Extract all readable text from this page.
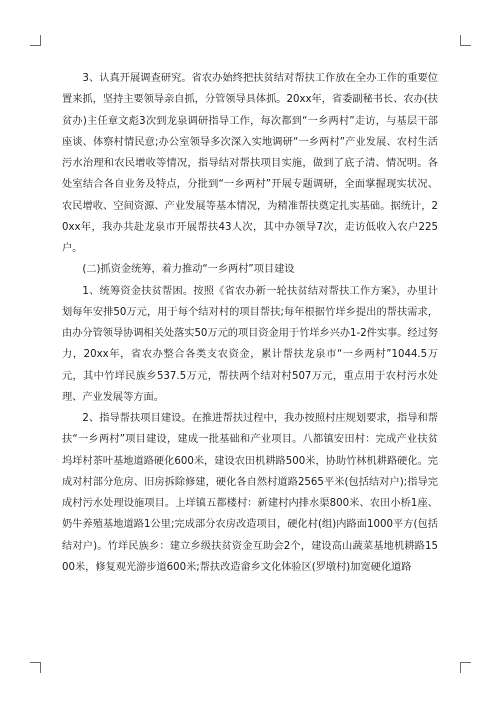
3、认真开展调查研究。省农办始终把扶贫结对帮扶工作放在全办工作的重要位置来抓，坚持主要领导亲自抓，分管领导具体抓。20xx年，省委副秘书长、农办(扶贫办)主任章文彪3次到龙泉调研指导工作，每次都到“一乡两村”走访，与基层干部座谈、体察村情民意;办公室领导多次深入实地调研“一乡两村”产业发展、农村生活污水治理和农民增收等情况，指导结对帮扶项目实施，做到了底子清、情况明。各处室结合各自业务及特点，分批到“一乡两村”开展专题调研，全面掌握现实状况、农民增收、空间资源、产业发展等基本情况，为精准帮扶奠定扎实基础。据统计，20xx年，我办共赴龙泉市开展帮扶43人次，其中办领导7次，走访低收入农户225户。

(二)抓资金统筹，着力推动“一乡两村”项目建设

1、统筹资金扶贫帮困。按照《省农办新一轮扶贫结对帮扶工作方案》，办里计划每年安排50万元，用于每个结对村的项目帮扶;每年根据竹垟乡提出的帮扶需求，由办分管领导协调相关处落实50万元的项目资金用于竹垟乡兴办1-2件实事。经过努力，20xx年，省农办整合各类支农资金，累计帮扶龙泉市“一乡两村”1044.5万元，其中竹垟民族乡537.5万元，帮扶两个结对村507万元，重点用于农村污水处理、产业发展等方面。

2、指导帮扶项目建设。在推进帮扶过程中，我办按照村庄规划要求，指导和帮扶“一乡两村”项目建设，建成一批基础和产业项目。八都镇安田村：完成产业扶贫坞垟村茶叶基地道路硬化600米，建设农田机耕路500米，协助竹林机耕路硬化。完成对村部分危房、旧房拆除修建，硬化各自然村道路2565平米(包括结对户);指导完成村污水处理设施项目。上垟镇五都楼村：新建村内排水渠800米、农田小桥1座、奶牛养殖基地道路1公里;完成部分农房改造项目，硬化村(组)内路面1000平方(包括结对户)。竹垟民族乡：建立乡级扶贫资金互助会2个，建设高山蔬菜基地机耕路1500米，修复观光游步道600米;帮扶改造畲乡文化体验区(罗墩村)加宽硬化道路
